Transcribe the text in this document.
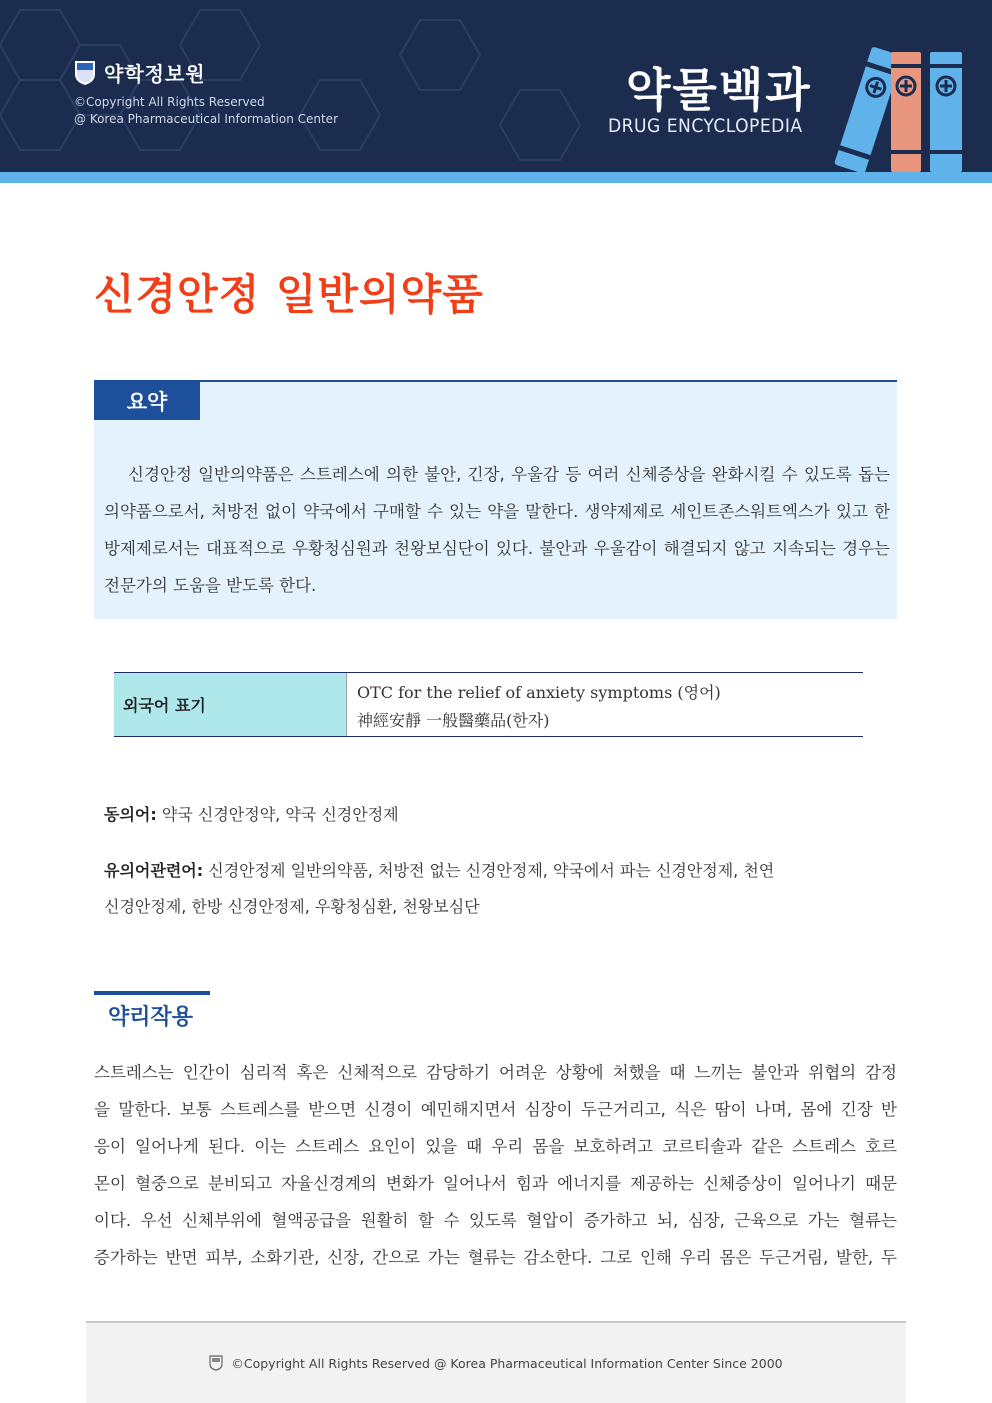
약학정보원
©Copyright All Rights Reserved
@ Korea Pharmaceutical Information Center
약물백과
DRUG ENCYCLOPEDIA
신경안정 일반의약품
요약
신경안정 일반의약품은 스트레스에 의한 불안, 긴장, 우울감 등 여러 신체증상을 완화시킬 수 있도록 돕는 의약품으로서, 처방전 없이 약국에서 구매할 수 있는 약을 말한다. 생약제제로 세인트존스워트엑스가 있고 한방제제로서는 대표적으로 우황청심원과 천왕보심단이 있다. 불안과 우울감이 해결되지 않고 지속되는 경우는 전문가의 도움을 받도록 한다.
외국어 표기
OTC for the relief of anxiety symptoms (영어)
神經安靜 一般醫藥品(한자)
동의어: 약국 신경안정약, 약국 신경안정제
유의어관련어: 신경안정제 일반의약품, 처방전 없는 신경안정제, 약국에서 파는 신경안정제, 천연
신경안정제, 한방 신경안정제, 우황청심환, 천왕보심단
약리작용
스트레스는 인간이 심리적 혹은 신체적으로 감당하기 어려운 상황에 처했을 때 느끼는 불안과 위협의 감정
을 말한다. 보통 스트레스를 받으면 신경이 예민해지면서 심장이 두근거리고, 식은 땀이 나며, 몸에 긴장 반
응이 일어나게 된다. 이는 스트레스 요인이 있을 때 우리 몸을 보호하려고 코르티솔과 같은 스트레스 호르
몬이 혈중으로 분비되고 자율신경계의 변화가 일어나서 힘과 에너지를 제공하는 신체증상이 일어나기 때문
이다. 우선 신체부위에 혈액공급을 원활히 할 수 있도록 혈압이 증가하고 뇌, 심장, 근육으로 가는 혈류는
증가하는 반면 피부, 소화기관, 신장, 간으로 가는 혈류는 감소한다. 그로 인해 우리 몸은 두근거림, 발한, 두
©Copyright All Rights Reserved @ Korea Pharmaceutical Information Center Since 2000
